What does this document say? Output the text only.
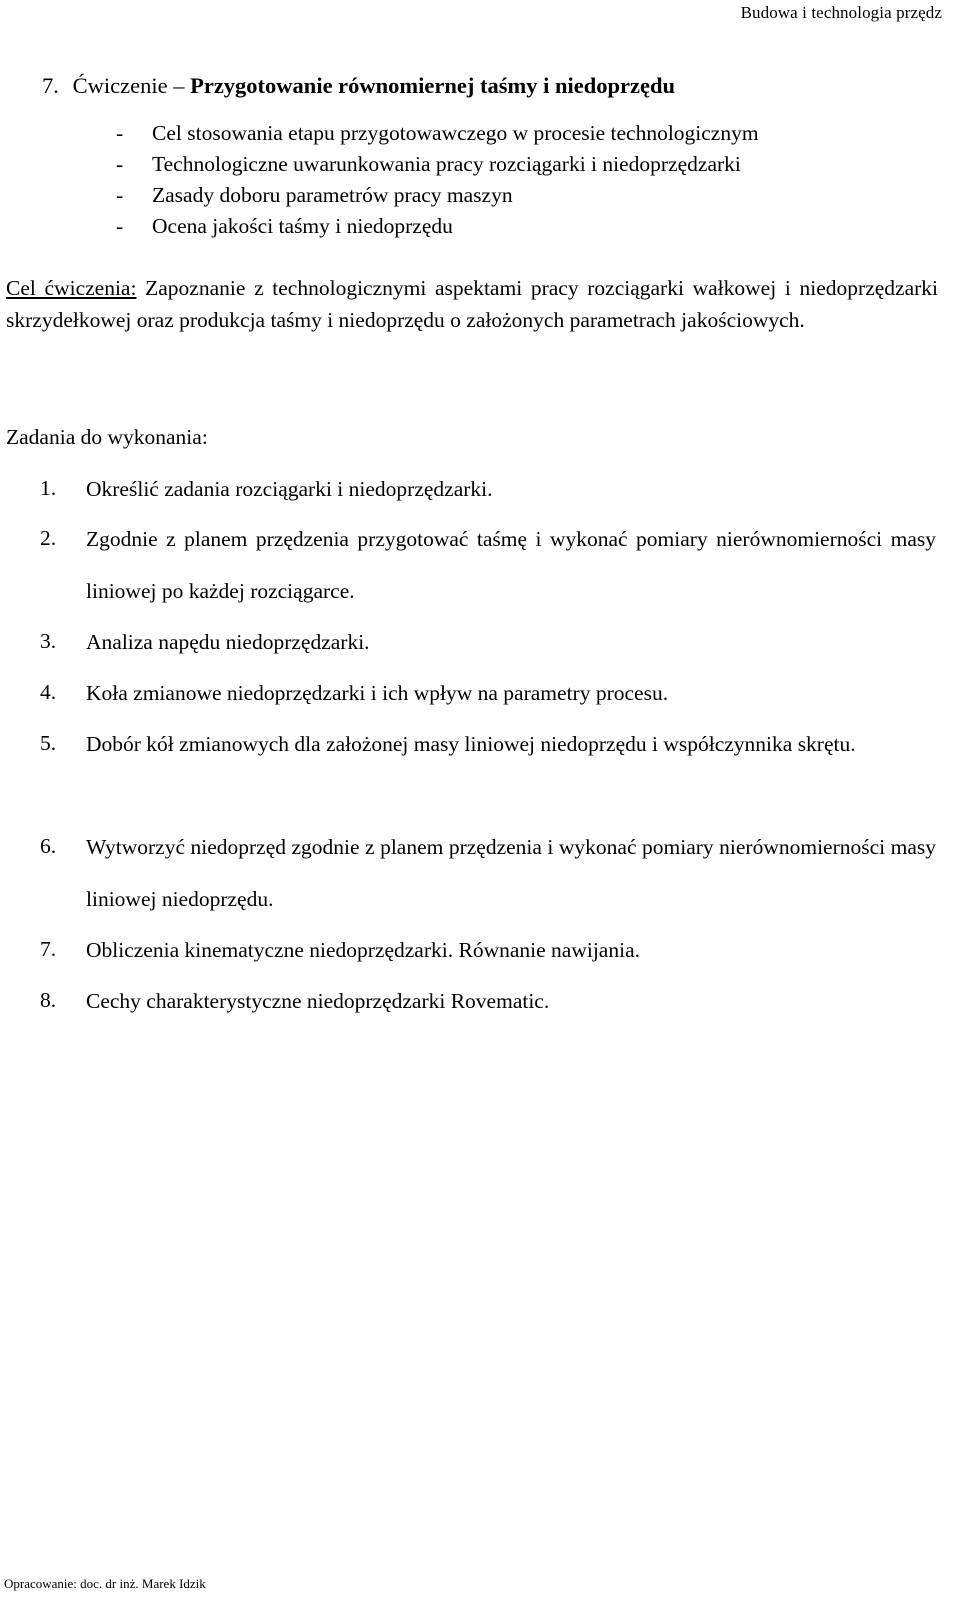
Budowa i technologia przędz
7. Ćwiczenie – Przygotowanie równomiernej taśmy i niedoprzędu
- Cel stosowania etapu przygotowawczego w procesie technologicznym
- Technologiczne uwarunkowania pracy rozciągarki i niedoprzędzarki
- Zasady doboru parametrów pracy maszyn
- Ocena jakości taśmy i niedoprzędu

Cel ćwiczenia: Zapoznanie z technologicznymi aspektami pracy rozciągarki wałkowej i niedoprzędzarki skrzydełkowej oraz produkcja taśmy i niedoprzędu o założonych parametrach jakościowych.

Zadania do wykonania:
1.	Określić zadania rozciągarki i niedoprzędzarki.
2.	Zgodnie z planem przędzenia przygotować taśmę i wykonać pomiary nierównomierności masy liniowej po każdej rozciągarce.
3.	Analiza napędu niedoprzędzarki.
4.	Koła zmianowe niedoprzędzarki i ich wpływ na parametry procesu.
5.	Dobór kół zmianowych dla założonej masy liniowej niedoprzędu i współczynnika skrętu.
6.	Wytworzyć niedoprzęd zgodnie z planem przędzenia i wykonać pomiary nierównomierności masy liniowej niedoprzędu.
7.	Obliczenia kinematyczne niedoprzędzarki. Równanie nawijania.
8.	Cechy charakterystyczne niedoprzędzarki Rovematic.
Opracowanie: doc. dr inż. Marek Idzik
